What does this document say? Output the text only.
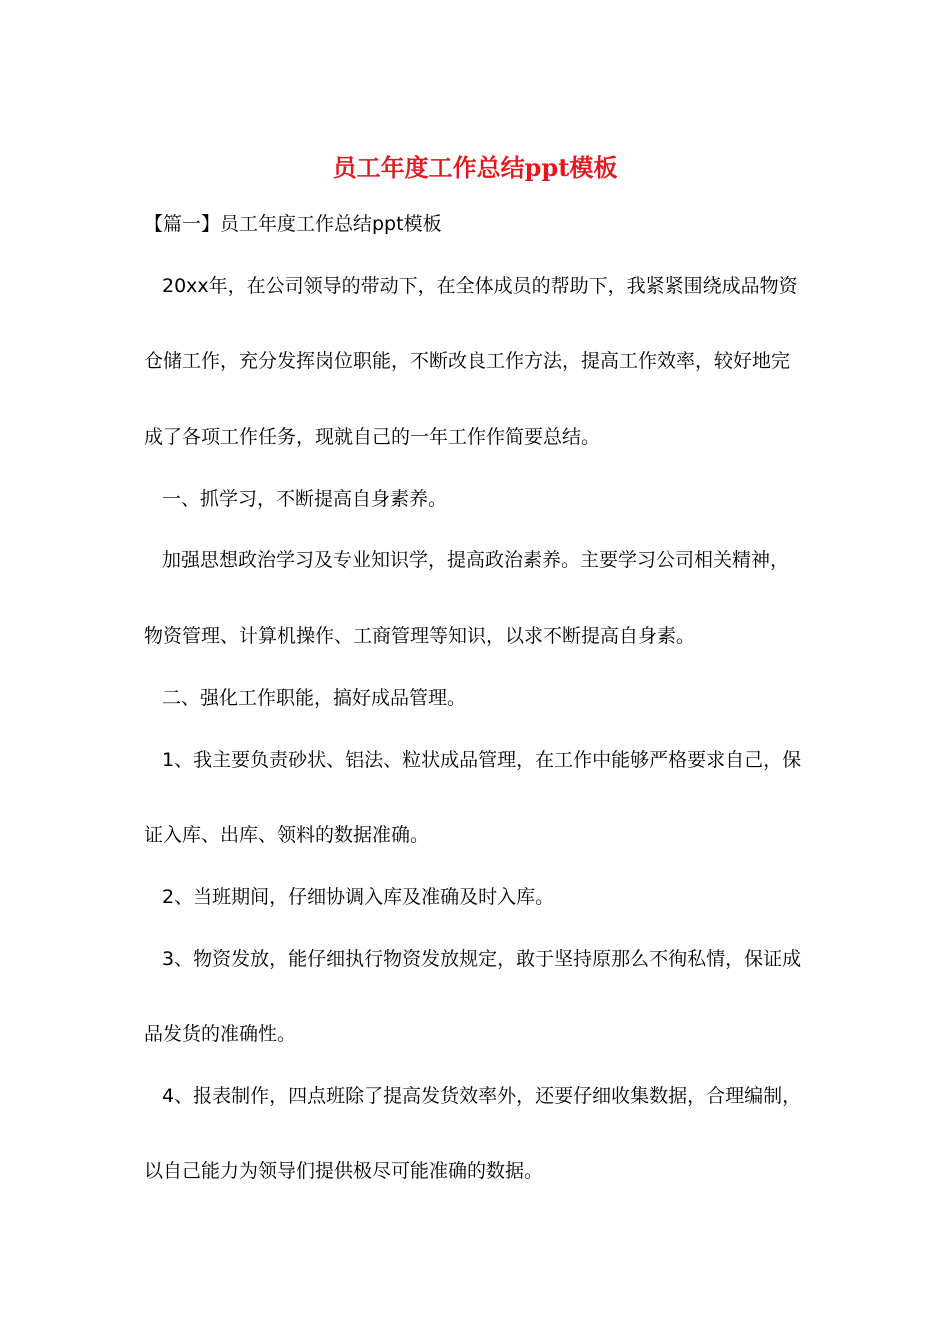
员工年度工作总结ppt模板
【篇一】员工年度工作总结ppt模板
20xx年，在公司领导的带动下，在全体成员的帮助下，我紧紧围绕成品物资
仓储工作，充分发挥岗位职能，不断改良工作方法，提高工作效率，较好地完
成了各项工作任务，现就自己的一年工作作简要总结。
一、抓学习，不断提高自身素养。
加强思想政治学习及专业知识学，提高政治素养。主要学习公司相关精神，
物资管理、计算机操作、工商管理等知识，以求不断提高自身素。
二、强化工作职能，搞好成品管理。
1、我主要负责砂状、铝法、粒状成品管理，在工作中能够严格要求自己，保
证入库、出库、领料的数据准确。
2、当班期间，仔细协调入库及准确及时入库。
3、物资发放，能仔细执行物资发放规定，敢于坚持原那么不徇私情，保证成
品发货的准确性。
4、报表制作，四点班除了提高发货效率外，还要仔细收集数据，合理编制，
以自己能力为领导们提供极尽可能准确的数据。
